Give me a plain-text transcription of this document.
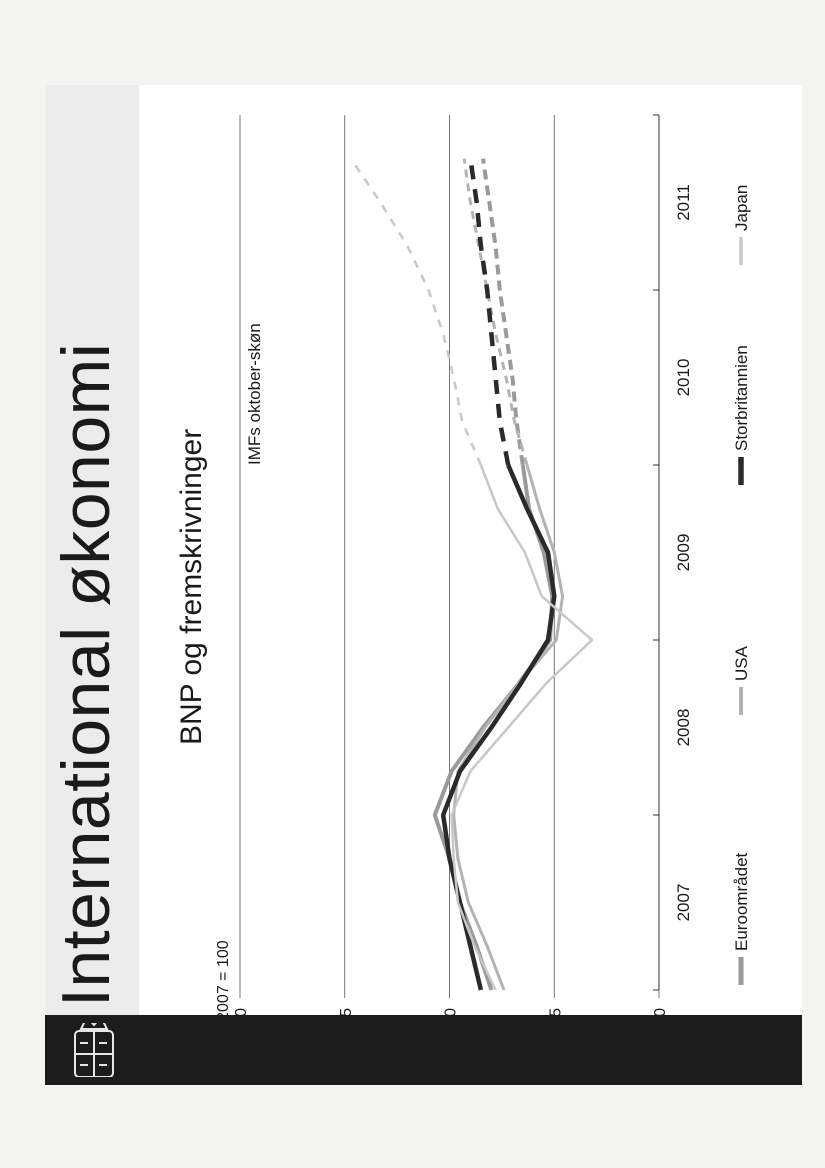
International økonomi BNP og fremskrivninger
IMFs oktober-skøn
90
95
100
105
110
4. kvt. 2007 = 100
2007
2008
2009
2010
2011
Euroområdet
USA
Storbritannien
Japan
